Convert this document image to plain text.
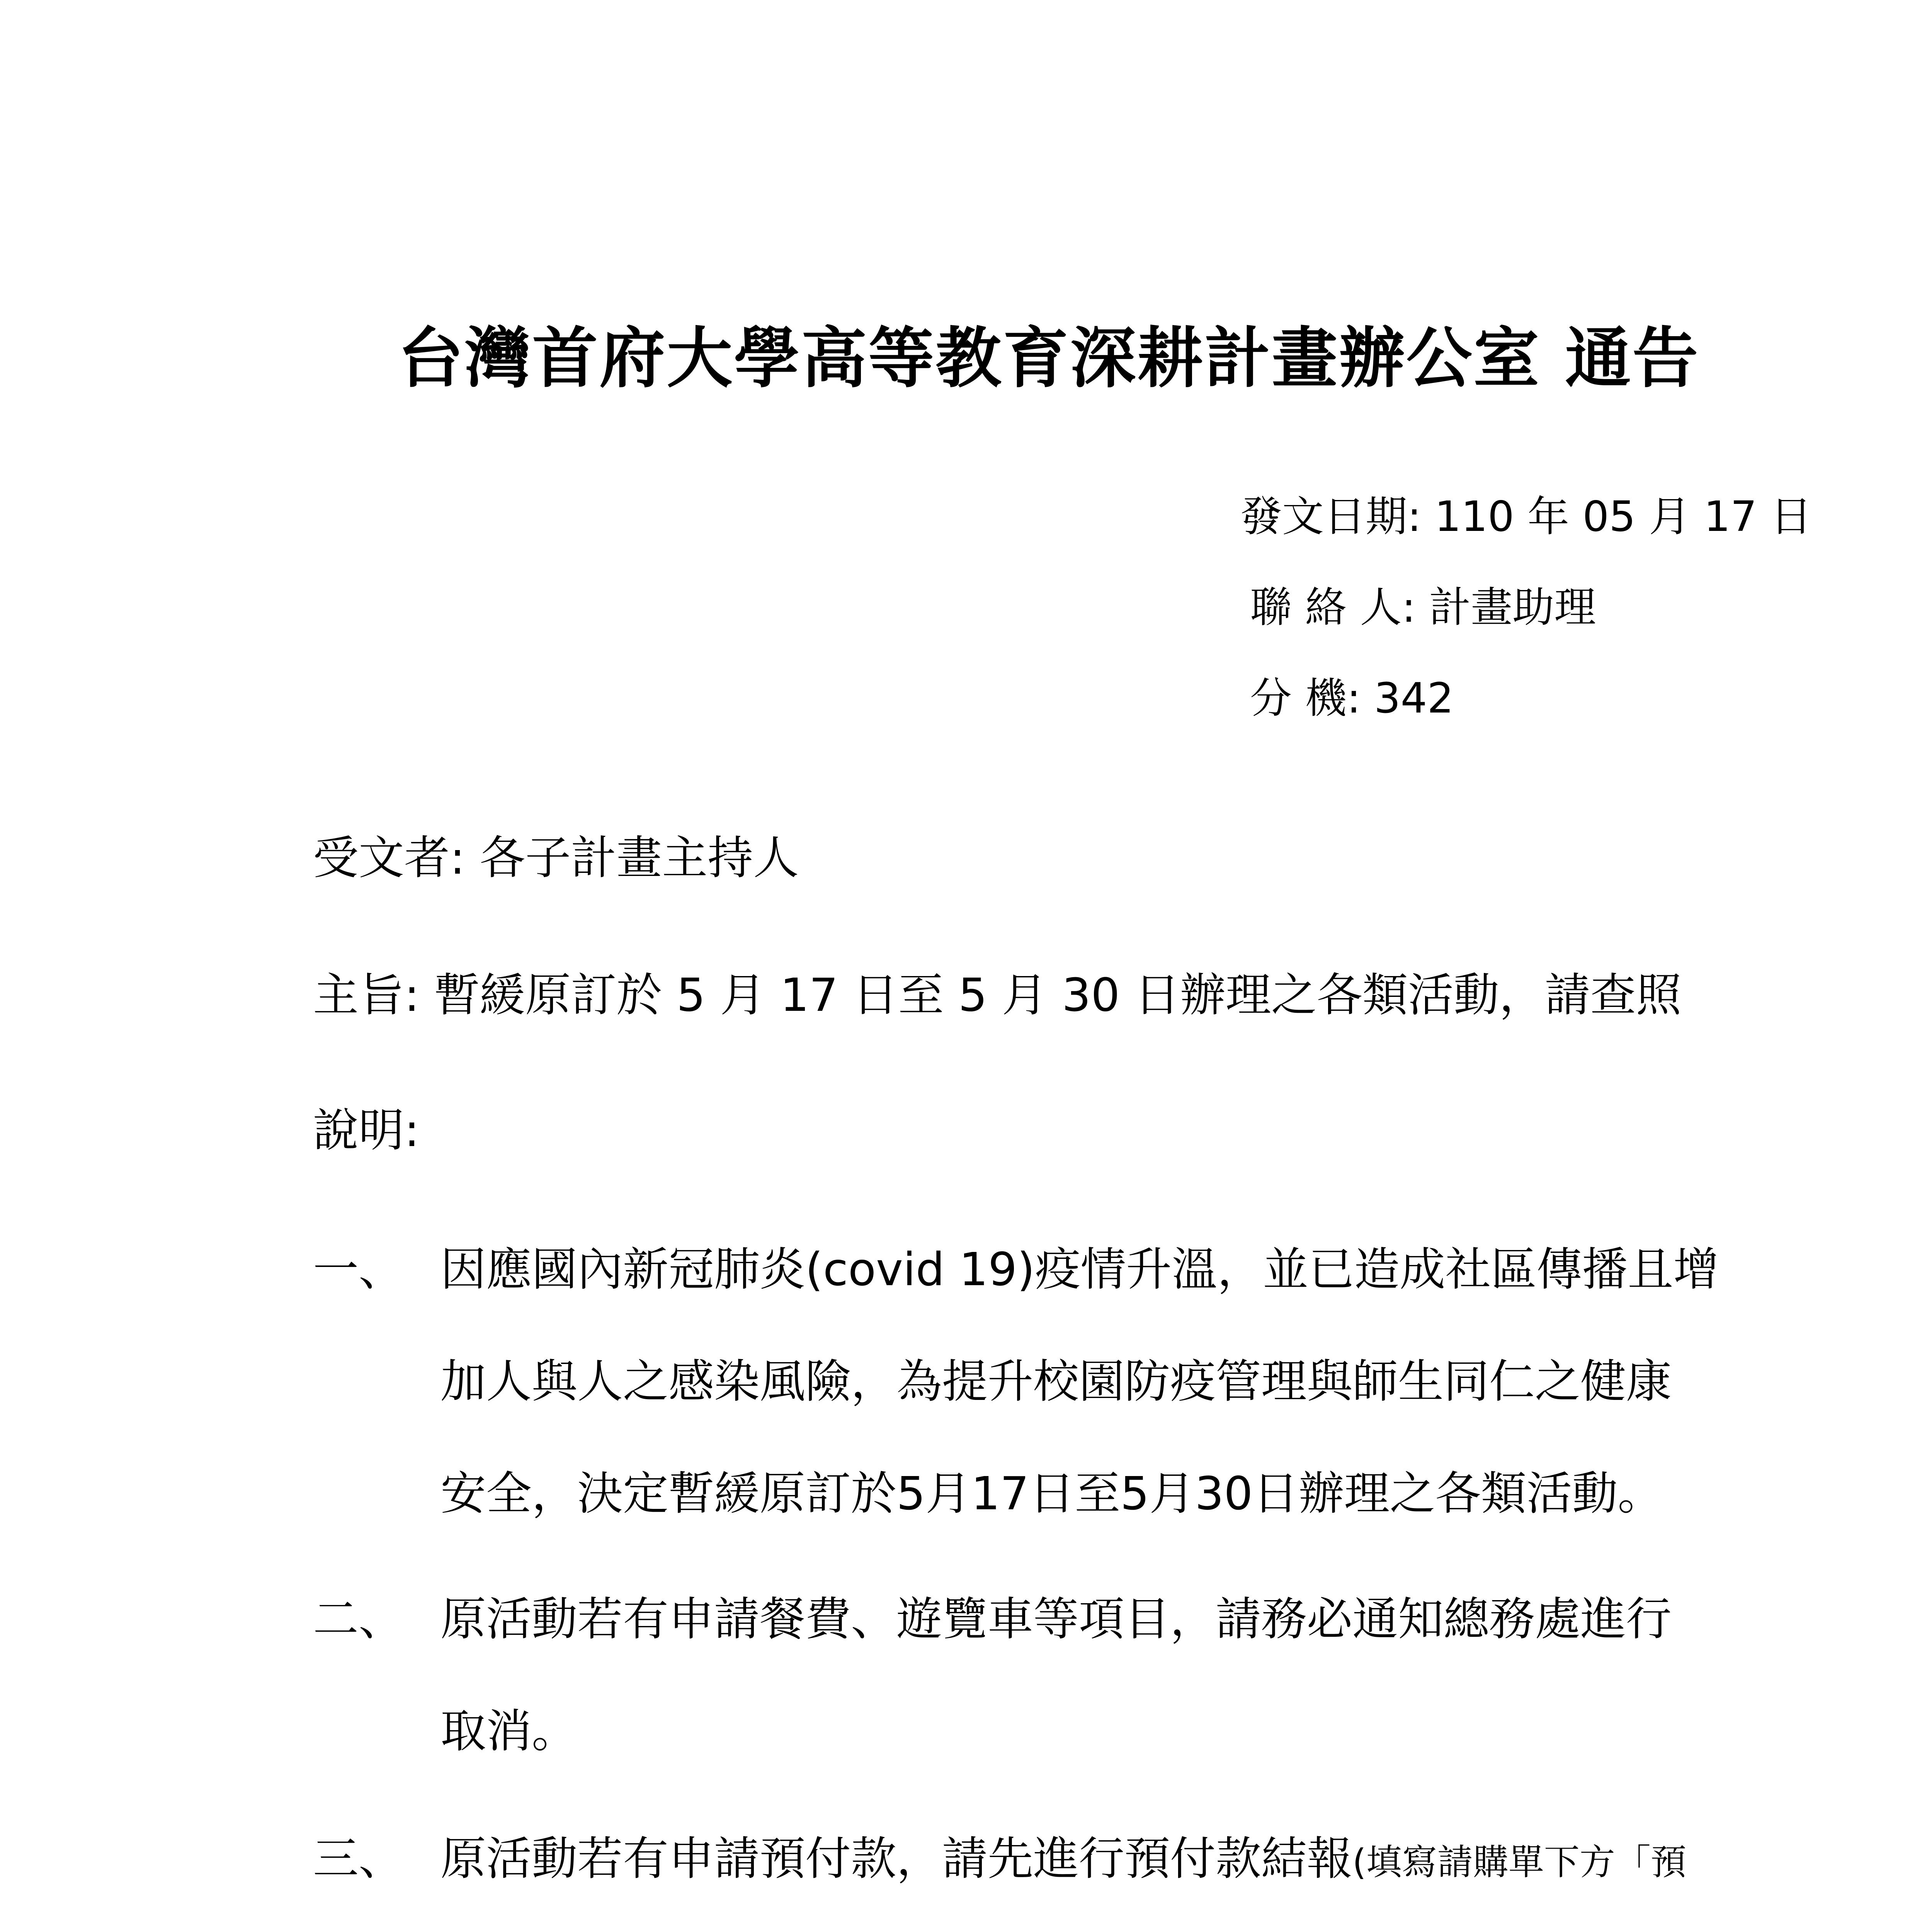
台灣首府大學高等教育深耕計畫辦公室 通告
發文日期: 110 年 05 月 17 日
聯 絡 人: 計畫助理
分 機: 342
受文者: 各子計畫主持人
主旨: 暫緩原訂於 5 月 17 日至 5 月 30 日辦理之各類活動，請查照
說明:
一、 因應國內新冠肺炎(covid 19)疫情升溫，並已造成社區傳播且增
加人與人之感染風險，為提升校園防疫管理與師生同仁之健康
安全，決定暫緩原訂於5月17日至5月30日辦理之各類活動。
二、 原活動若有申請餐費、遊覽車等項目，請務必通知總務處進行
取消。
三、 原活動若有申請預付款，請先進行預付款結報(填寫請購單下方「預
